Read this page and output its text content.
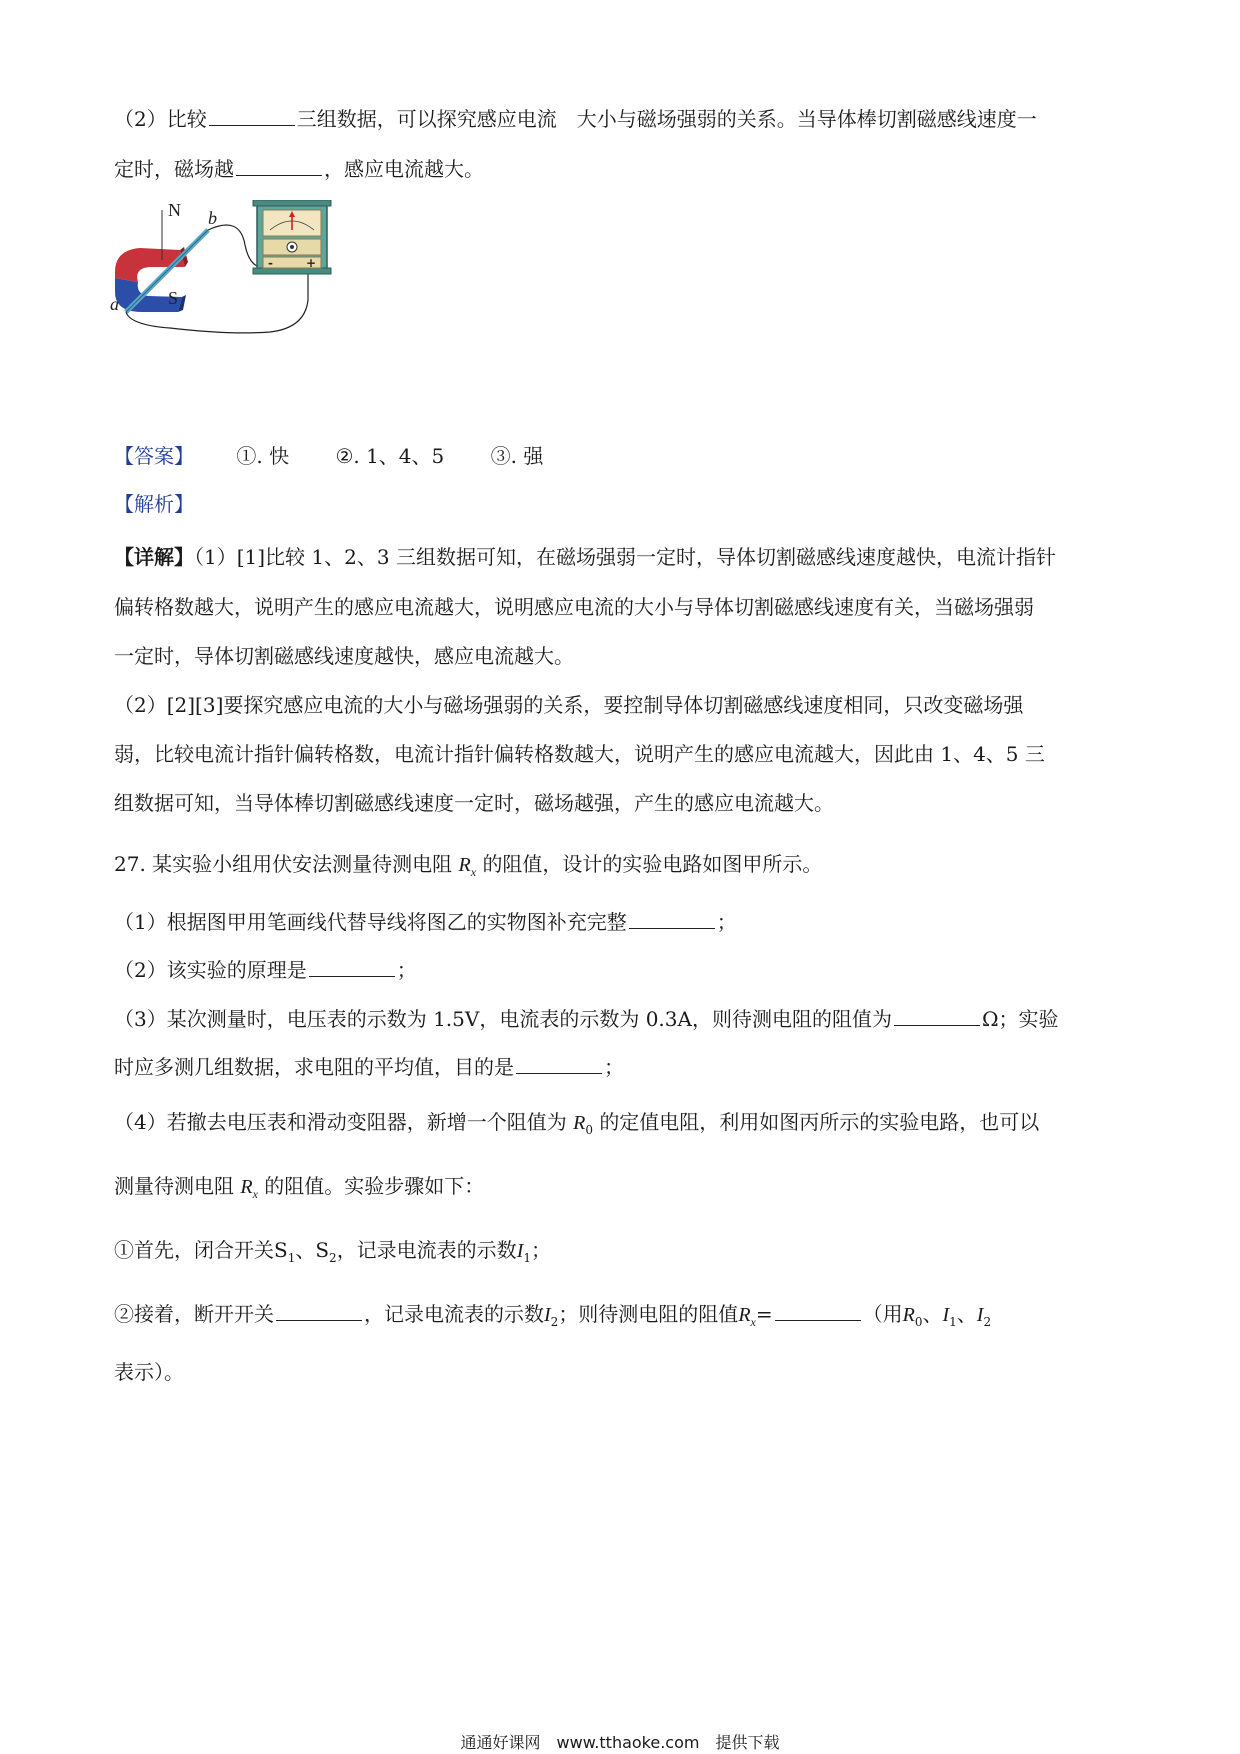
（2）比较	三组数据，可以探究感应电流　大小与磁场强弱的关系。当导体棒切割磁感线速度一
定时，磁场越	，感应电流越大。
N
S
a
b
-	+
【答案】 ①. 快 ②. 1、4、5 ③. 强
【解析】
【详解】（1）[1]比较 1、2、3 三组数据可知，在磁场强弱一定时，导体切割磁感线速度越快，电流计指针
偏转格数越大，说明产生的感应电流越大，说明感应电流的大小与导体切割磁感线速度有关，当磁场强弱
一定时，导体切割磁感线速度越快，感应电流越大。
（2）[2][3]要探究感应电流的大小与磁场强弱的关系，要控制导体切割磁感线速度相同，只改变磁场强
弱，比较电流计指针偏转格数，电流计指针偏转格数越大，说明产生的感应电流越大，因此由 1、4、5 三
组数据可知，当导体棒切割磁感线速度一定时，磁场越强，产生的感应电流越大。
27. 某实验小组用伏安法测量待测电阻 $R_x$ 的阻值，设计的实验电路如图甲所示。
（1）根据图甲用笔画线代替导线将图乙的实物图补充完整	；
（2）该实验的原理是	；
（3）某次测量时，电压表的示数为 1.5V，电流表的示数为 0.3A，则待测电阻的阻值为	Ω；实验
时应多测几组数据，求电阻的平均值，目的是	；
（4）若撤去电压表和滑动变阻器，新增一个阻值为 $R_0$ 的定值电阻，利用如图丙所示的实验电路，也可以
测量待测电阻 $R_x$ 的阻值。实验步骤如下：
①首先，闭合开关$S_1$、$S_2$，记录电流表的示数$I_1$；
②接着，断开开关	，记录电流表的示数$I_2$；则待测电阻的阻值$R_x=$	（用$R_0$、$I_1$、$I_2$
表示）。
通通好课网　www.tthaoke.com　提供下载
